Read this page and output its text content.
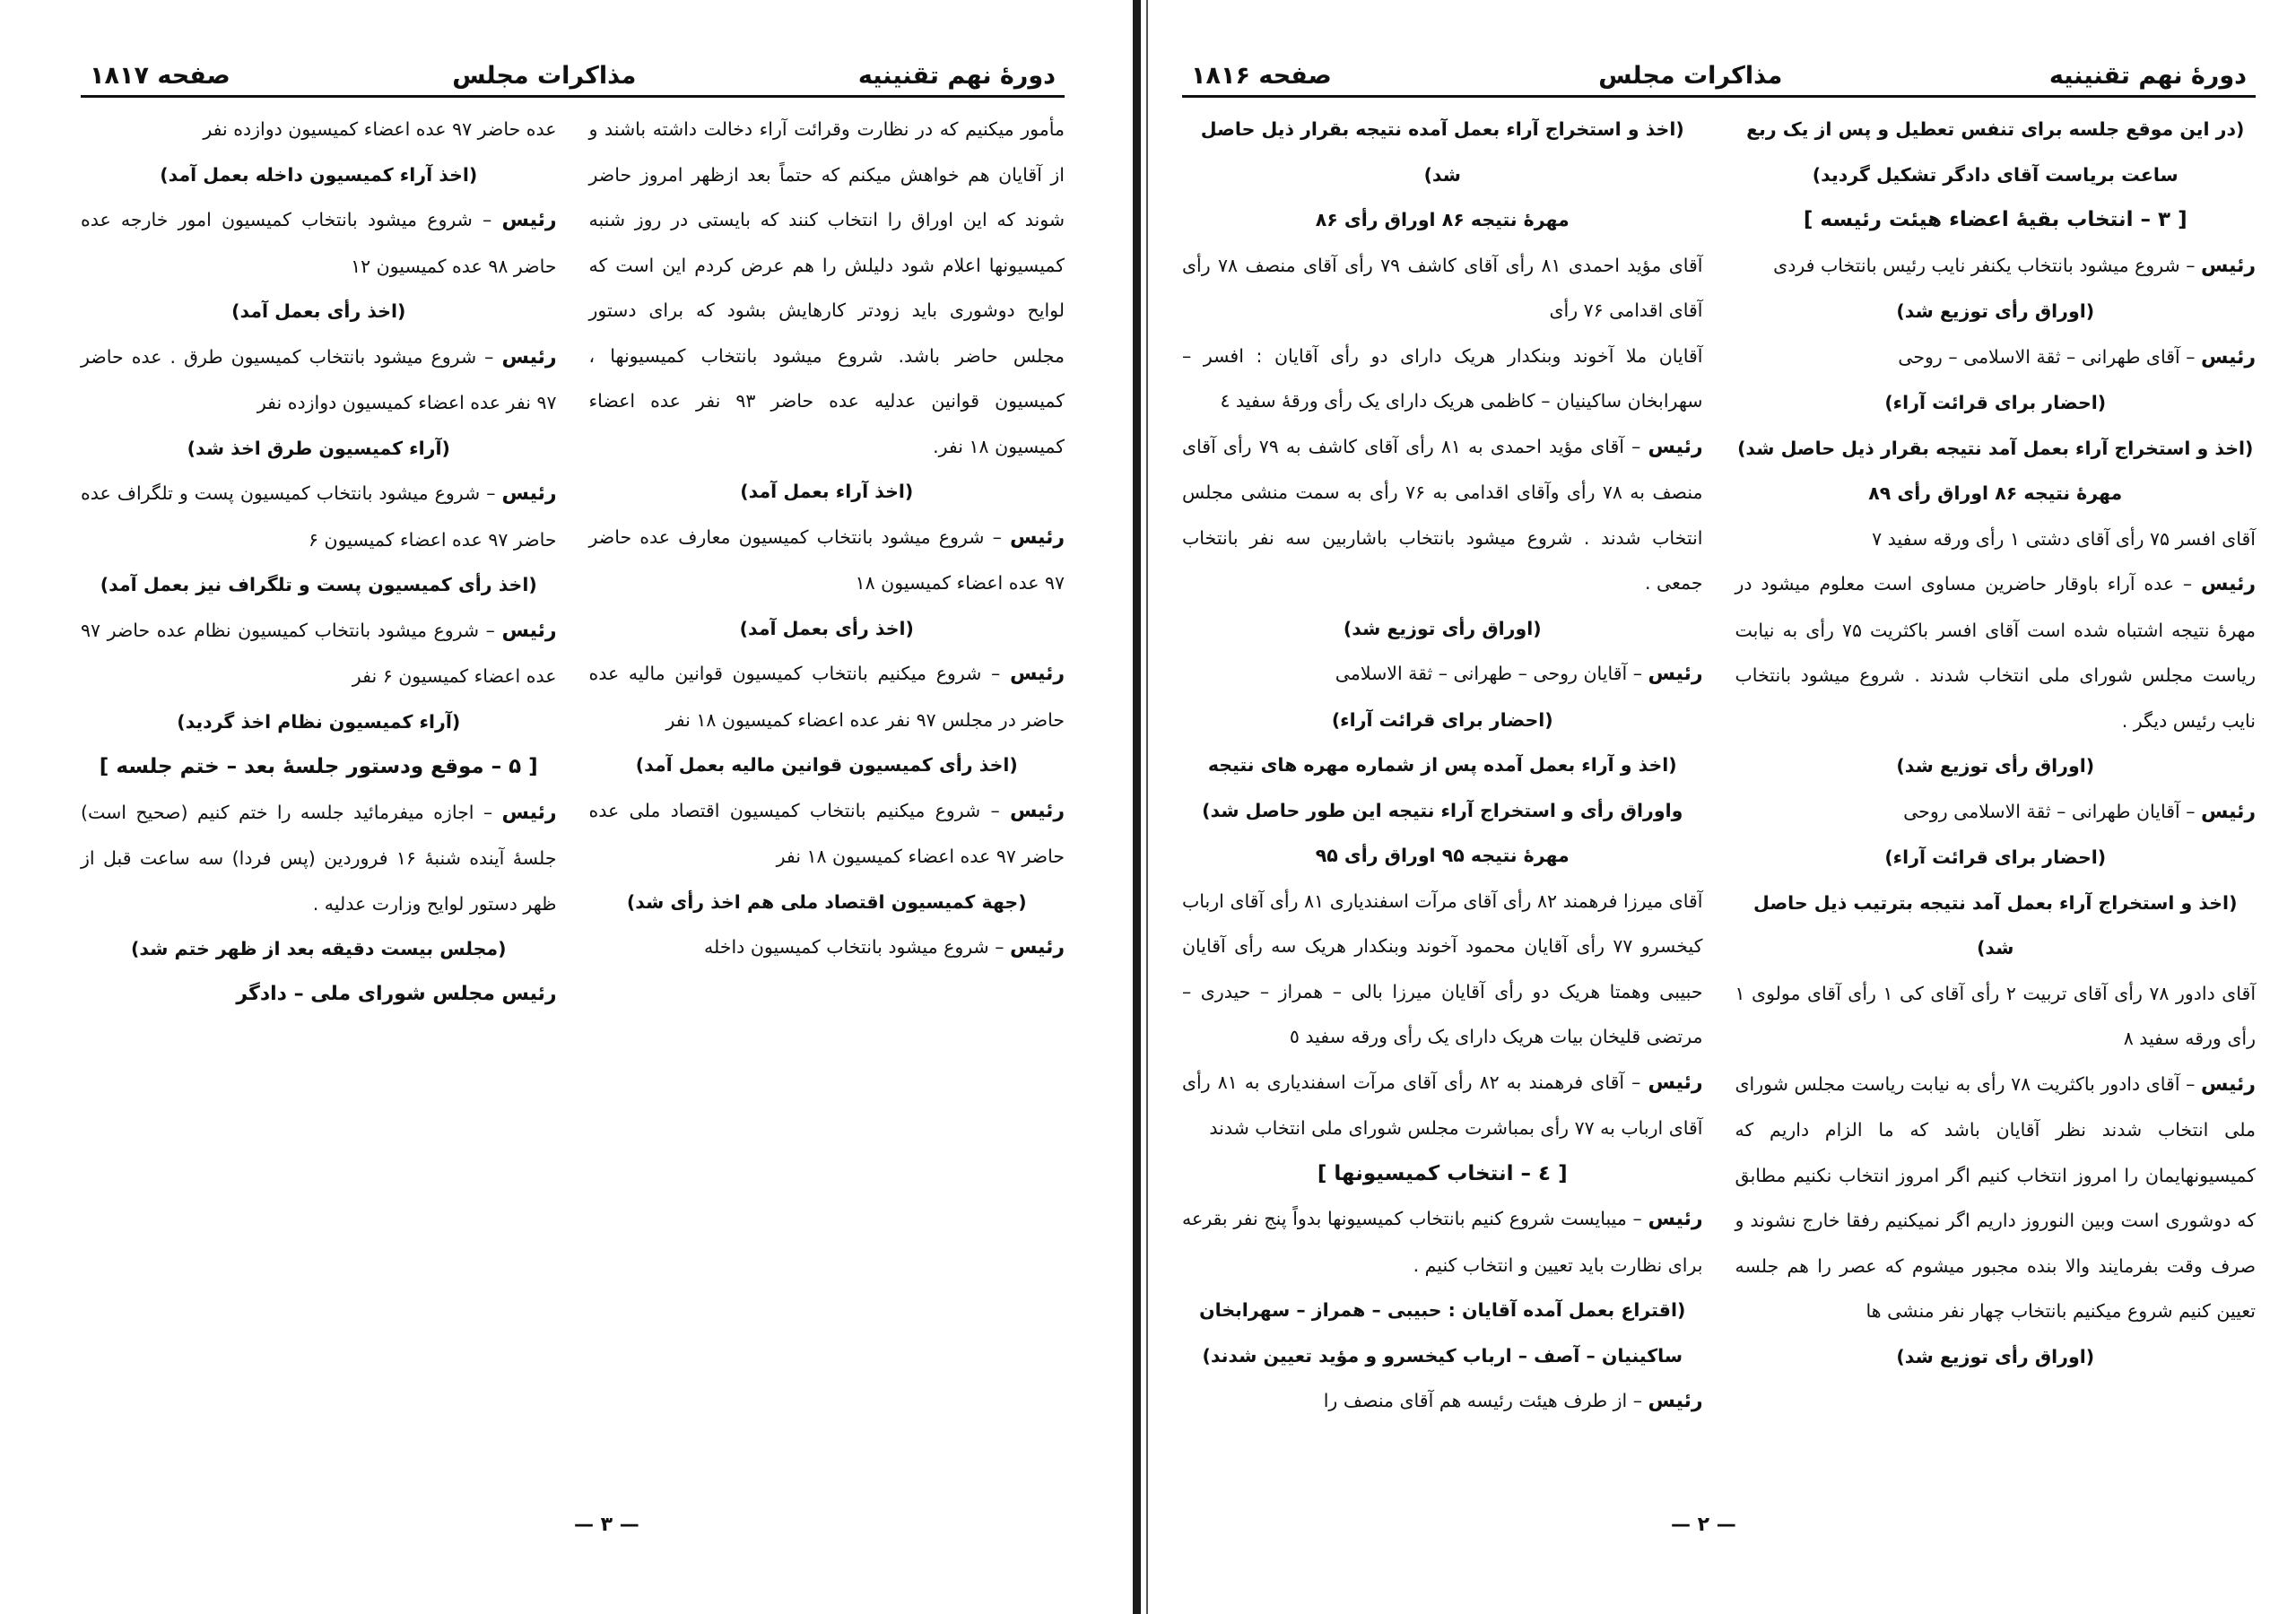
دورهٔ نهم تقنینیه
مذاکرات مجلس
صفحه ۱۸۱۷

مأمور میکنیم که در نظارت وقرائت آراء دخالت داشته باشند و از آقایان هم خواهش میکنم که حتماً بعد ازظهر امروز حاضر شوند که این اوراق را انتخاب کنند که بایستی در روز شنبه کمیسیونها اعلام شود دلیلش را هم عرض کردم این است که لوایح دوشوری باید زودتر کارهایش بشود که برای دستور مجلس حاضر باشد. شروع میشود بانتخاب کمیسیونها ، کمیسیون قوانین عدلیه عده حاضر ۹۳ نفر عده اعضاء کمیسیون ۱۸ نفر.

(اخذ آراء بعمل آمد)

رئیس – شروع میشود بانتخاب کمیسیون معارف عده حاضر ۹۷ عده اعضاء کمیسیون ۱۸

(اخذ رأی بعمل آمد)

رئیس – شروع میکنیم بانتخاب کمیسیون قوانین مالیه عده حاضر در مجلس ۹۷ نفر عده اعضاء کمیسیون ۱۸ نفر

(اخذ رأی کمیسیون قوانین مالیه بعمل آمد)

رئیس – شروع میکنیم بانتخاب کمیسیون اقتصاد ملی عده حاضر ۹۷ عده اعضاء کمیسیون ۱۸ نفر

(جهة کمیسیون اقتصاد ملی هم اخذ رأی شد)

رئیس – شروع میشود بانتخاب کمیسیون داخله

عده حاضر ۹۷ عده اعضاء کمیسیون دوازده نفر

(اخذ آراء کمیسیون داخله بعمل آمد)

رئیس – شروع میشود بانتخاب کمیسیون امور خارجه عده حاضر ۹۸ عده کمیسیون ۱۲

(اخذ رأی بعمل آمد)

رئیس – شروع میشود بانتخاب کمیسیون طرق . عده حاضر ۹۷ نفر عده اعضاء کمیسیون دوازده نفر

(آراء کمیسیون طرق اخذ شد)

رئیس – شروع میشود بانتخاب کمیسیون پست و تلگراف عده حاضر ۹۷ عده اعضاء کمیسیون ۶

(اخذ رأی کمیسیون پست و تلگراف نیز بعمل آمد)

رئیس – شروع میشود بانتخاب کمیسیون نظام عده حاضر ۹۷ عده اعضاء کمیسیون ۶ نفر

(آراء کمیسیون نظام اخذ گردید)

[ ۵ – موقع ودستور جلسهٔ بعد – ختم جلسه ]

رئیس – اجازه میفرمائید جلسه را ختم کنیم (صحیح است) جلسهٔ آینده شنبهٔ ۱۶ فروردین (پس فردا) سه ساعت قبل از ظهر دستور لوایح وزارت عدلیه .

(مجلس بیست دقیقه بعد از ظهر ختم شد)

رئیس مجلس شورای ملی – دادگر

— ۳ —
دورهٔ نهم تقنینیه
مذاکرات مجلس
صفحه ۱۸۱۶

(در این موقع جلسه برای تنفس تعطیل و پس از یک ربع ساعت بریاست آقای دادگر تشکیل گردید)

[ ۳ – انتخاب بقیهٔ اعضاء هیئت رئیسه ]

رئیس – شروع میشود بانتخاب یکنفر نایب رئیس بانتخاب فردی

(اوراق رأی توزیع شد)

رئیس – آقای طهرانی – ثقة الاسلامی – روحی

(احضار برای قرائت آراء)

(اخذ و استخراج آراء بعمل آمد نتیجه بقرار ذیل حاصل شد)

مهرهٔ نتیجه ۸۶ اوراق رأی ۸۹

آقای افسر ۷۵ رأی آقای دشتی ۱ رأی ورقه سفید ۷

رئیس – عده آراء باوقار حاضرین مساوی است معلوم میشود در مهرهٔ نتیجه اشتباه شده است آقای افسر باکثریت ۷۵ رأی به نیابت ریاست مجلس شورای ملی انتخاب شدند . شروع میشود بانتخاب نایب رئیس دیگر .

(اوراق رأی توزیع شد)

رئیس – آقایان طهرانی – ثقة الاسلامی روحی

(احضار برای قرائت آراء)

(اخذ و استخراج آراء بعمل آمد نتیجه بترتیب ذیل حاصل شد)

آقای دادور ۷۸ رأی آقای تربیت ۲ رأی آقای کی ۱ رأی آقای مولوی ۱ رأی ورقه سفید ۸

رئیس – آقای دادور باکثریت ۷۸ رأی به نیابت ریاست مجلس شورای ملی انتخاب شدند نظر آقایان باشد که ما الزام داریم که کمیسیونهایمان را امروز انتخاب کنیم اگر امروز انتخاب نکنیم مطابق که دوشوری است وبین النوروز داریم اگر نمیکنیم رفقا خارج نشوند و صرف وقت بفرمایند والا بنده مجبور میشوم که عصر را هم جلسه تعیین کنیم شروع میکنیم بانتخاب چهار نفر منشی ها

(اوراق رأی توزیع شد)

(اخذ و استخراج آراء بعمل آمده نتیجه بقرار ذیل حاصل شد)

مهرهٔ نتیجه ۸۶ اوراق رأی ۸۶

آقای مؤید احمدی ۸۱ رأی آقای کاشف ۷۹ رأی آقای منصف ۷۸ رأی آقای اقدامی ۷۶ رأی

آقایان ملا آخوند وبنکدار هریک دارای دو رأی آقایان : افسر – سهرابخان ساکینیان – کاظمی هریک دارای یک رأی ورقهٔ سفید ٤

رئیس – آقای مؤید احمدی به ۸۱ رأی آقای کاشف به ۷۹ رأی آقای منصف به ۷۸ رأی وآقای اقدامی به ۷۶ رأی به سمت منشی مجلس انتخاب شدند . شروع میشود بانتخاب باشاربین سه نفر بانتخاب جمعی .

(اوراق رأی توزیع شد)

رئیس – آقایان روحی – طهرانی – ثقة الاسلامی

(احضار برای قرائت آراء)

(اخذ و آراء بعمل آمده پس از شماره مهره های نتیجه واوراق رأی و استخراج آراء نتیجه این طور حاصل شد)

مهرهٔ نتیجه ۹۵ اوراق رأی ۹۵

آقای میرزا فرهمند ۸۲ رأی آقای مرآت اسفندیاری ۸۱ رأی آقای ارباب کیخسرو ۷۷ رأی آقایان محمود آخوند وبنکدار هریک سه رأی آقایان حبیبی وهمتا هریک دو رأی آقایان میرزا بالی – همراز – حیدری – مرتضی قلیخان بیات هریک دارای یک رأی ورقه سفید ٥

رئیس – آقای فرهمند به ۸۲ رأی آقای مرآت اسفندیاری به ۸۱ رأی آقای ارباب به ۷۷ رأی بمباشرت مجلس شورای ملی انتخاب شدند

[ ٤ – انتخاب کمیسیونها ]

رئیس – میبایست شروع کنیم بانتخاب کمیسیونها بدواً پنج نفر بقرعه برای نظارت باید تعیین و انتخاب کنیم .

(اقتراع بعمل آمده آقایان : حبیبی – همراز – سهرابخان ساکینیان – آصف – ارباب کیخسرو و مؤید تعیین شدند)

رئیس – از طرف هیئت رئیسه هم آقای منصف را

— ۲ —
